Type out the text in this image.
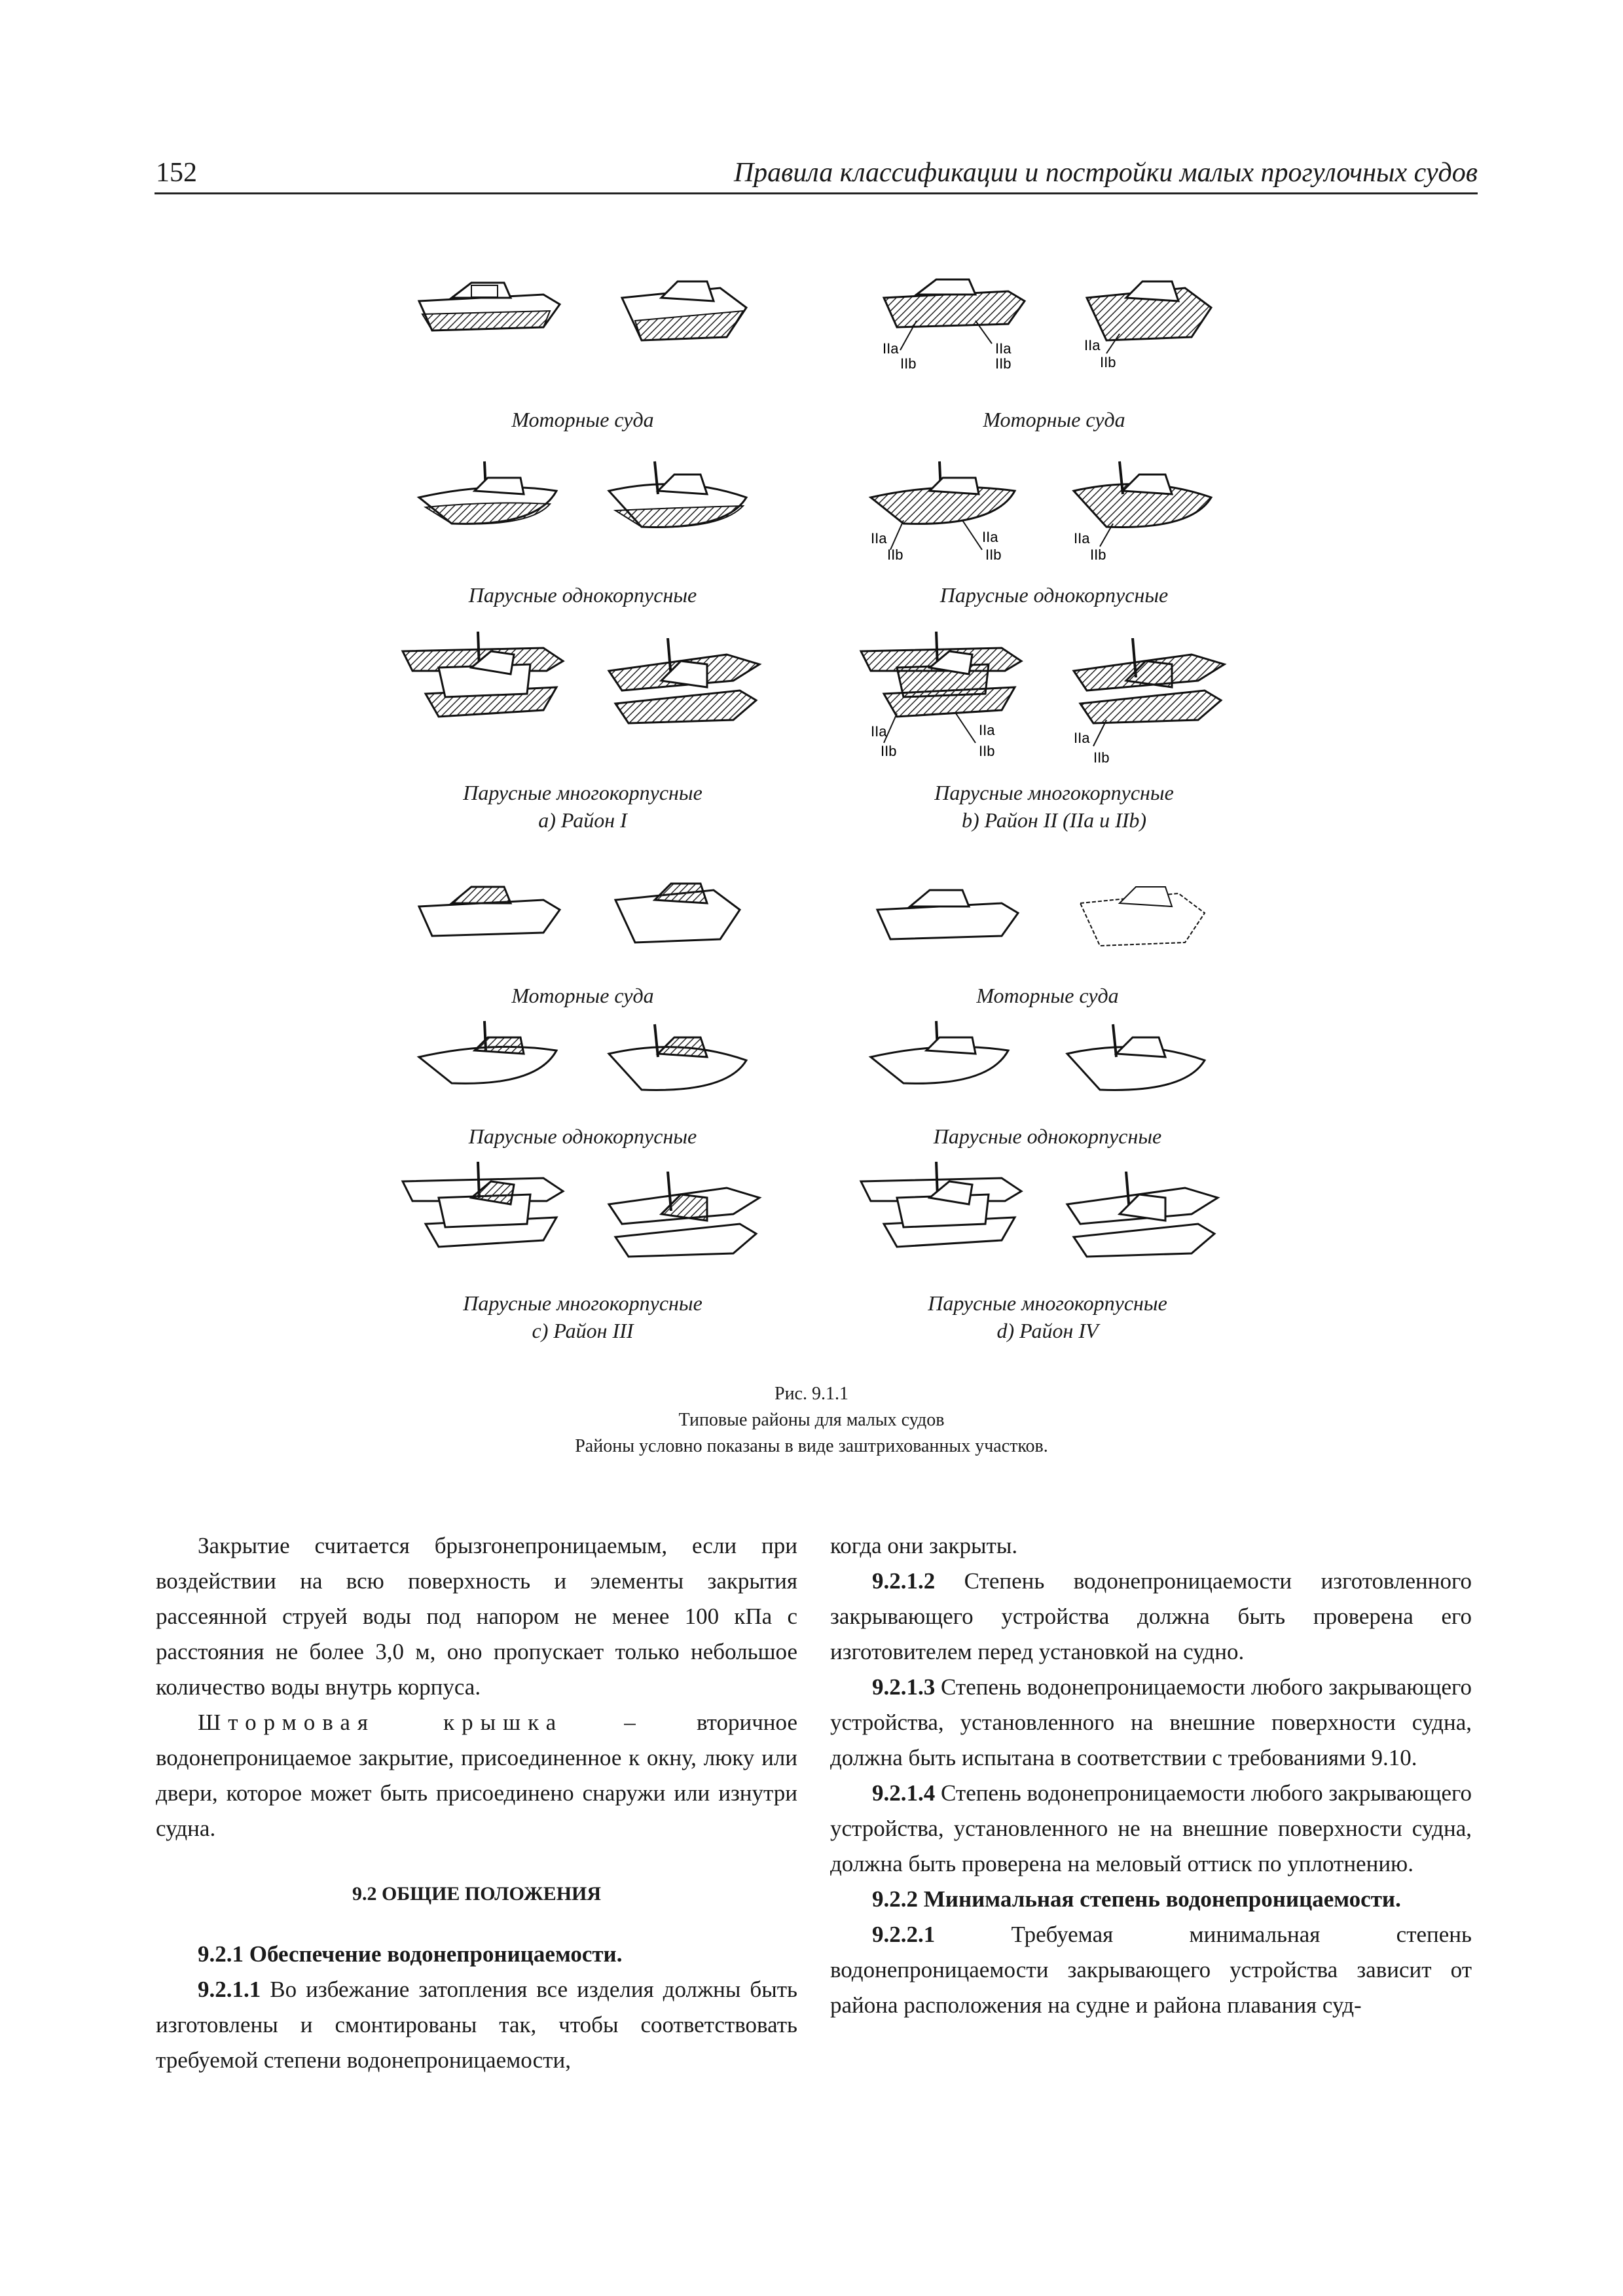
152	Правила классификации и постройки малых прогулочных судов
IIa	IIa
IIb	IIb
IIa
IIb
Моторные суда	Моторные суда
IIa	IIa
IIb	IIb
IIa
IIb
Парусные однокорпусные	Парусные однокорпусные
IIa	IIa
IIb	IIb
IIa
IIb
Парусные многокорпусные
a) Район I
Парусные многокорпусные
b) Район II (IIa и IIb)
Моторные суда	Моторные суда
Парусные однокорпусные	Парусные однокорпусные
Парусные многокорпусные
c) Район III
Парусные многокорпусные
d) Район IV
Рис. 9.1.1
Типовые районы для малых судов
Районы условно показаны в виде заштрихованных участков.

Закрытие считается брызгонепроницаемым, если при воздействии на всю поверхность и элементы закрытия рассеянной струей воды под напором не менее 100 кПа с расстояния не более 3,0 м, оно пропускает только небольшое количество воды внутрь корпуса.

Штормовая крышка – вторичное водонепроницаемое закрытие, присоединенное к окну, люку или двери, которое может быть присоединено снаружи или изнутри судна.

9.2 ОБЩИЕ ПОЛОЖЕНИЯ

9.2.1 Обеспечение водонепроницаемости.

9.2.1.1 Во избежание затопления все изделия должны быть изготовлены и смонтированы так, чтобы соответствовать требуемой степени водонепроницаемости,

когда они закрыты.

9.2.1.2 Степень водонепроницаемости изготовленного закрывающего устройства должна быть проверена его изготовителем перед установкой на судно.

9.2.1.3 Степень водонепроницаемости любого закрывающего устройства, установленного на внешние поверхности судна, должна быть испытана в соответствии с требованиями 9.10.

9.2.1.4 Степень водонепроницаемости любого закрывающего устройства, установленного не на внешние поверхности судна, должна быть проверена на меловый оттиск по уплотнению.

9.2.2 Минимальная степень водонепроницаемости.

9.2.2.1 Требуемая минимальная степень водонепроницаемости закрывающего устройства зависит от района расположения на судне и района плавания суд-
